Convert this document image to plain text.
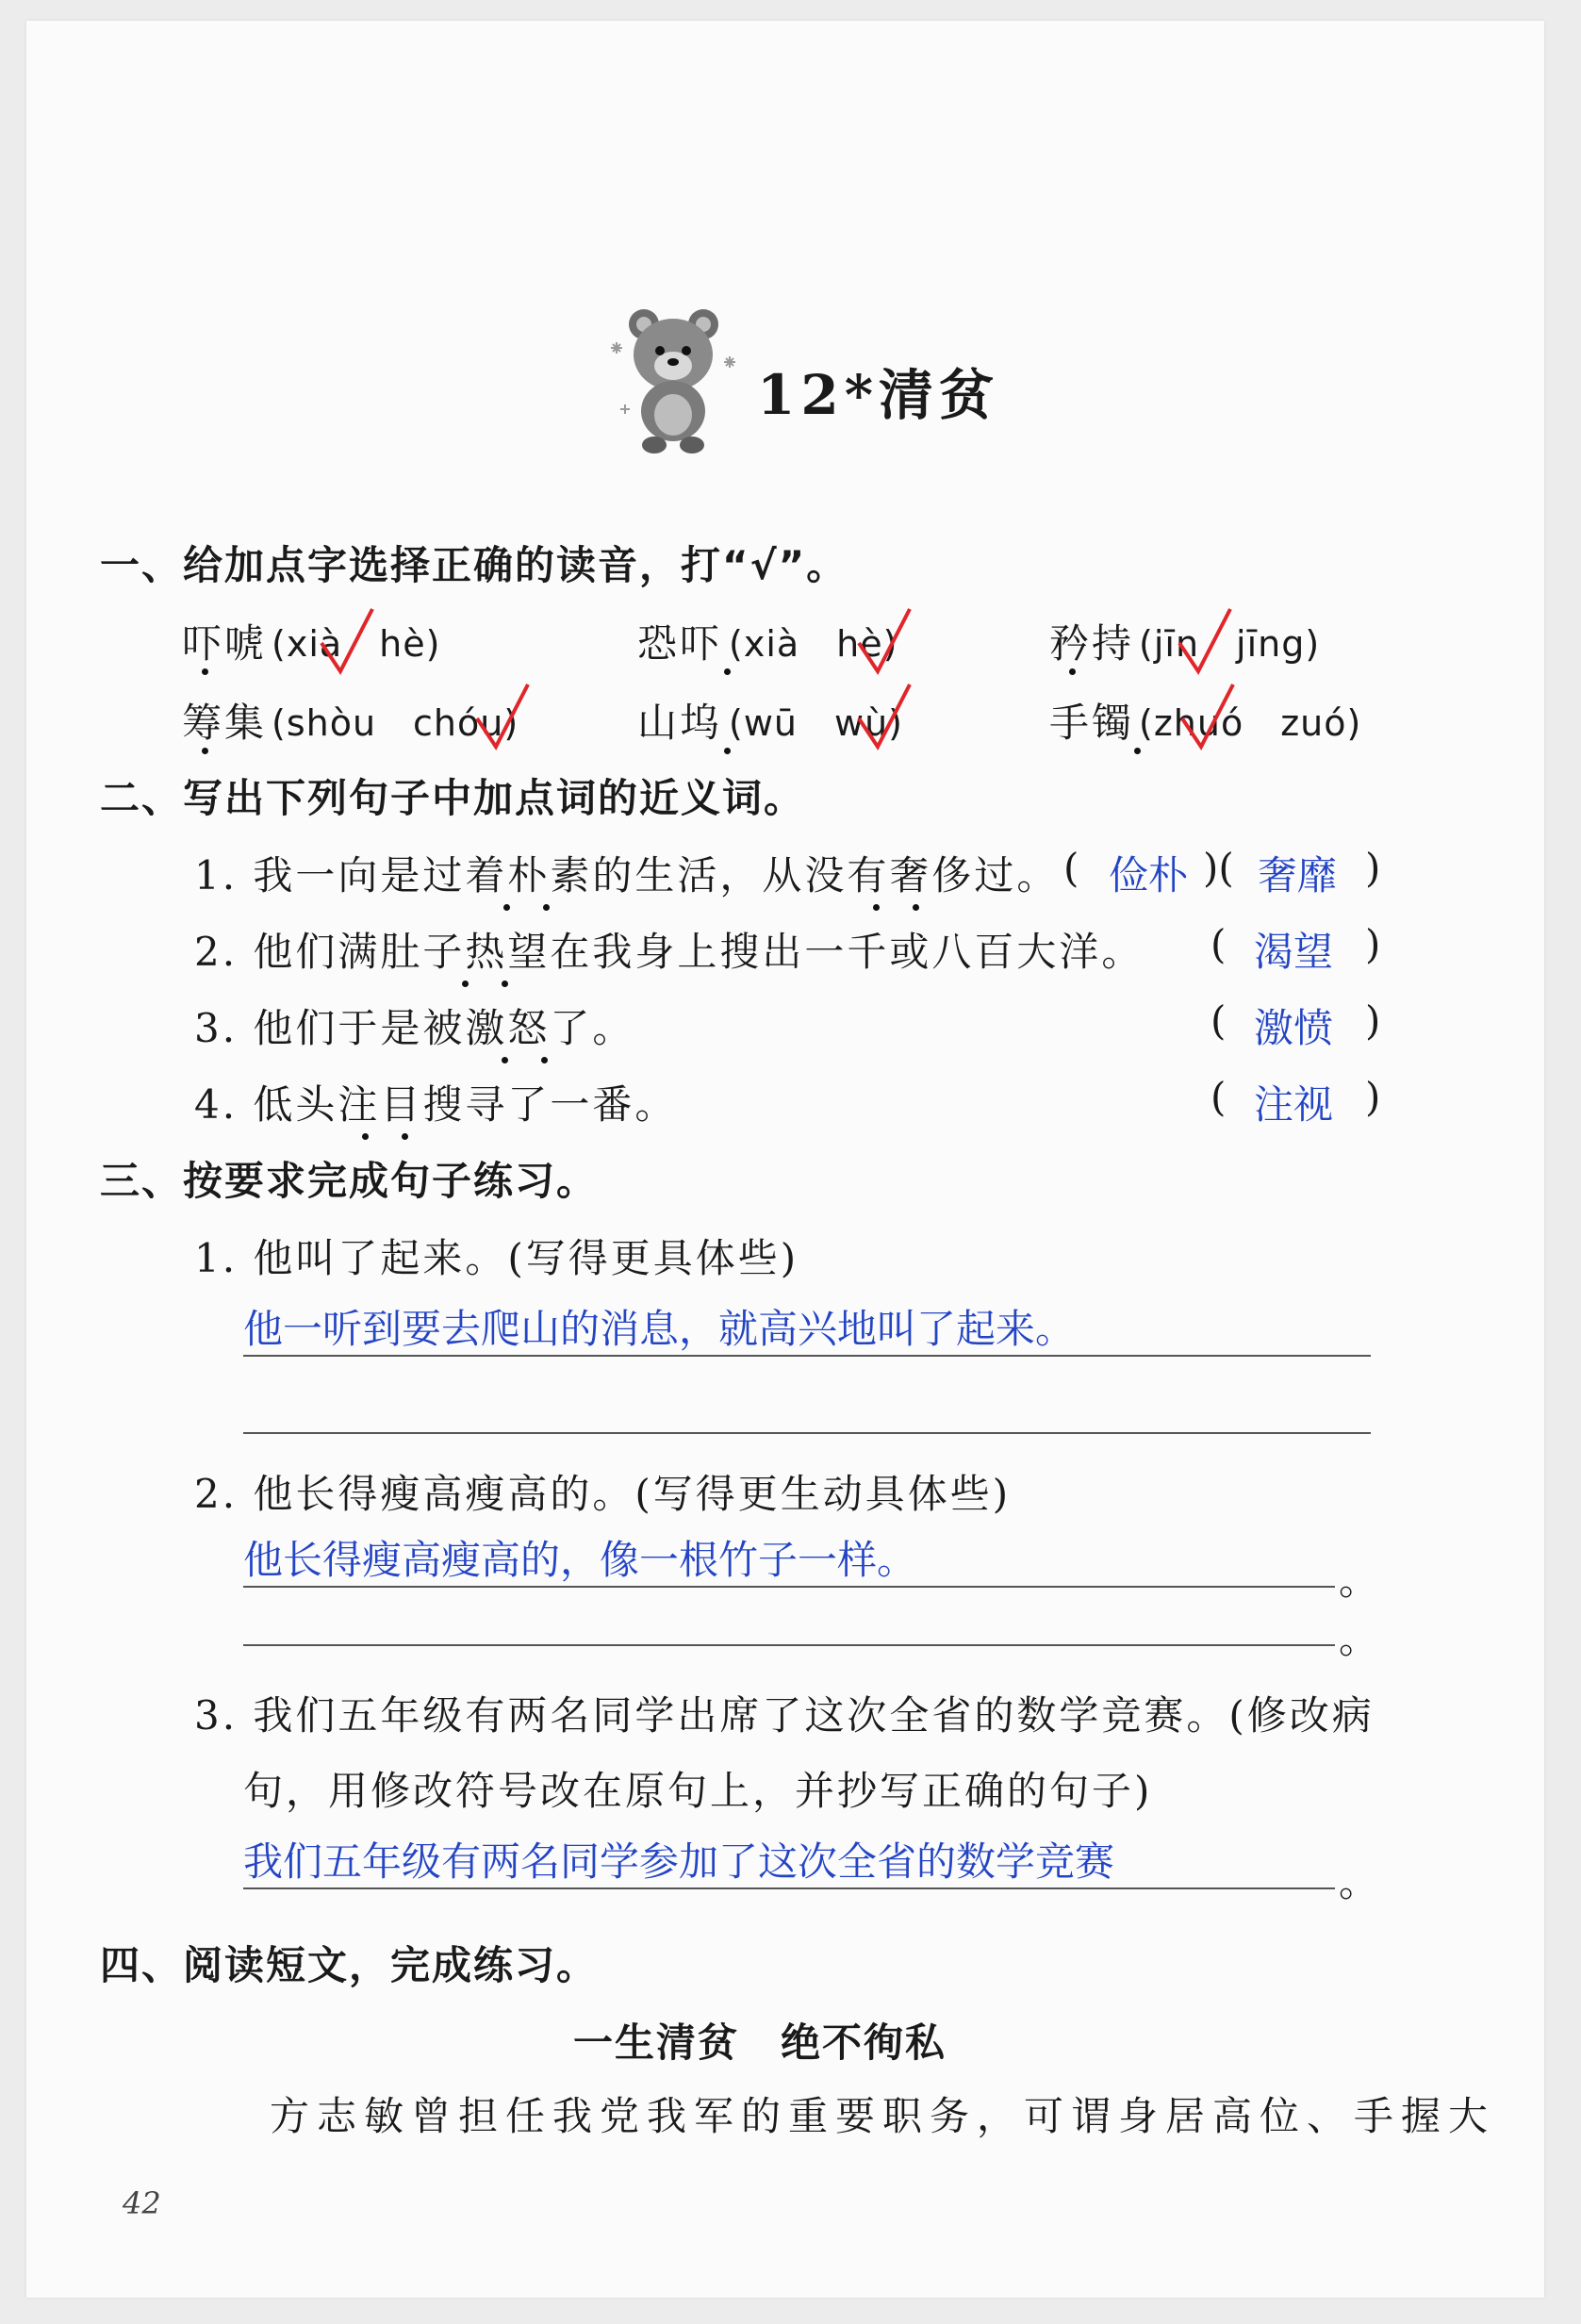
12*清贫
一、给加点字选择正确的读音，打“√”。
吓唬 (xià　hè)	恐吓 (xià　hè)	矜持 (jīn　jīng)
筹集 (shòu　chóu)	山坞 (wū　wù)	手镯 (zhuó　zuó)
二、写出下列句子中加点词的近义词。
1. 我一向是过着朴素的生活，从没有奢侈过。 ( 俭朴 )( 奢靡 )
2. 他们满肚子热望在我身上搜出一千或八百大洋。 ( 渴望 )
3. 他们于是被激怒了。	( 激愤 )
4. 低头注目搜寻了一番。	( 注视 )
三、按要求完成句子练习。
1. 他叫了起来。(写得更具体些)
他一听到要去爬山的消息，就高兴地叫了起来。
2. 他长得瘦高瘦高的。(写得更生动具体些)
他长得瘦高瘦高的，像一根竹子一样。	。
。
3. 我们五年级有两名同学出席了这次全省的数学竞赛。(修改病
句，用修改符号改在原句上，并抄写正确的句子)
我们五年级有两名同学参加了这次全省的数学竞赛	。
四、阅读短文，完成练习。
一生清贫　绝不徇私
方志敏曾担任我党我军的重要职务，可谓身居高位、手握大
42
